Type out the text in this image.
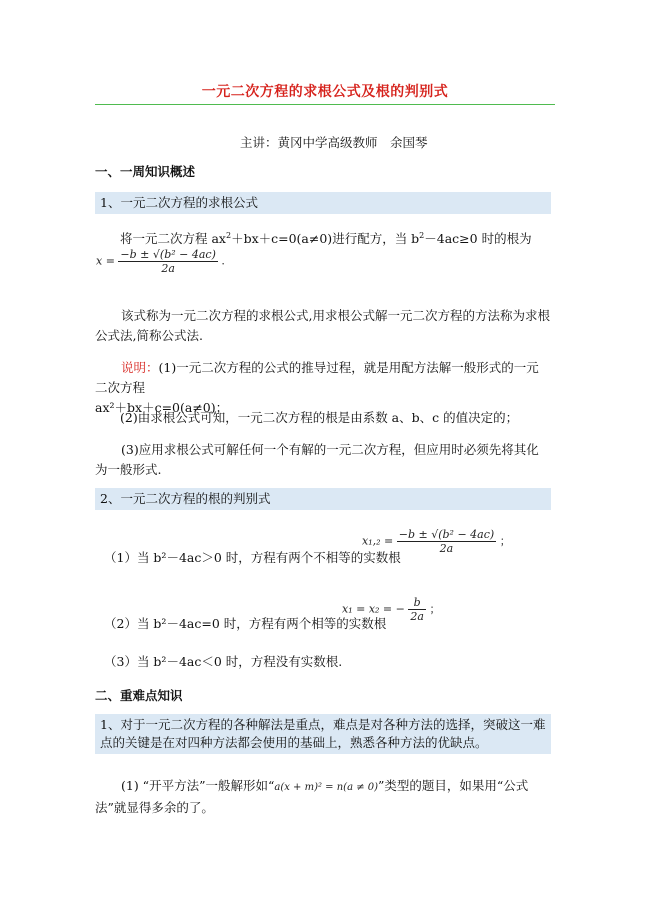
一元二次方程的求根公式及根的判别式
主讲：黄冈中学高级教师　余国琴
一、一周知识概述
1、一元二次方程的求根公式
将一元二次方程 $ax^2+bx+c=0(a\ne 0)$进行配方，当 $b^2-4ac\ge 0$ 时的根为
$x = \frac{\text{−b ± √(b² − 4ac)}}{2a}$ .
该式称为一元二次方程的求根公式,用求根公式解一元二次方程的方法称为求根公式法,简称公式法.
说明：(1)一元二次方程的公式的推导过程，就是用配方法解一般形式的一元二次方程
ax²＋bx＋c=0(a≠0)；
(2)由求根公式可知，一元二次方程的根是由系数 a、b、c 的值决定的；
(3)应用求根公式可解任何一个有解的一元二次方程，但应用时必须先将其化为一般形式.
2、一元二次方程的根的判别式
（1）当 b²－4ac＞0 时，方程有两个不相等的实数根
$x_1,_2 = \frac{\text{−b ± √(b² − 4ac)}}{2a}$ ；
（2）当 b²－4ac=0 时，方程有两个相等的实数根
x₁ = x₂ = − $\frac{b}{2a}$ ；
（3）当 b²－4ac＜0 时，方程没有实数根.
二、重难点知识
1、对于一元二次方程的各种解法是重点，难点是对各种方法的选择，突破这一难点的关键是在对四种方法都会使用的基础上，熟悉各种方法的优缺点。
(1) “开平方法”一般解形如“a(x + m)² = n(a ≠ 0)”类型的题目，如果用“公式法”就显得多余的了。
